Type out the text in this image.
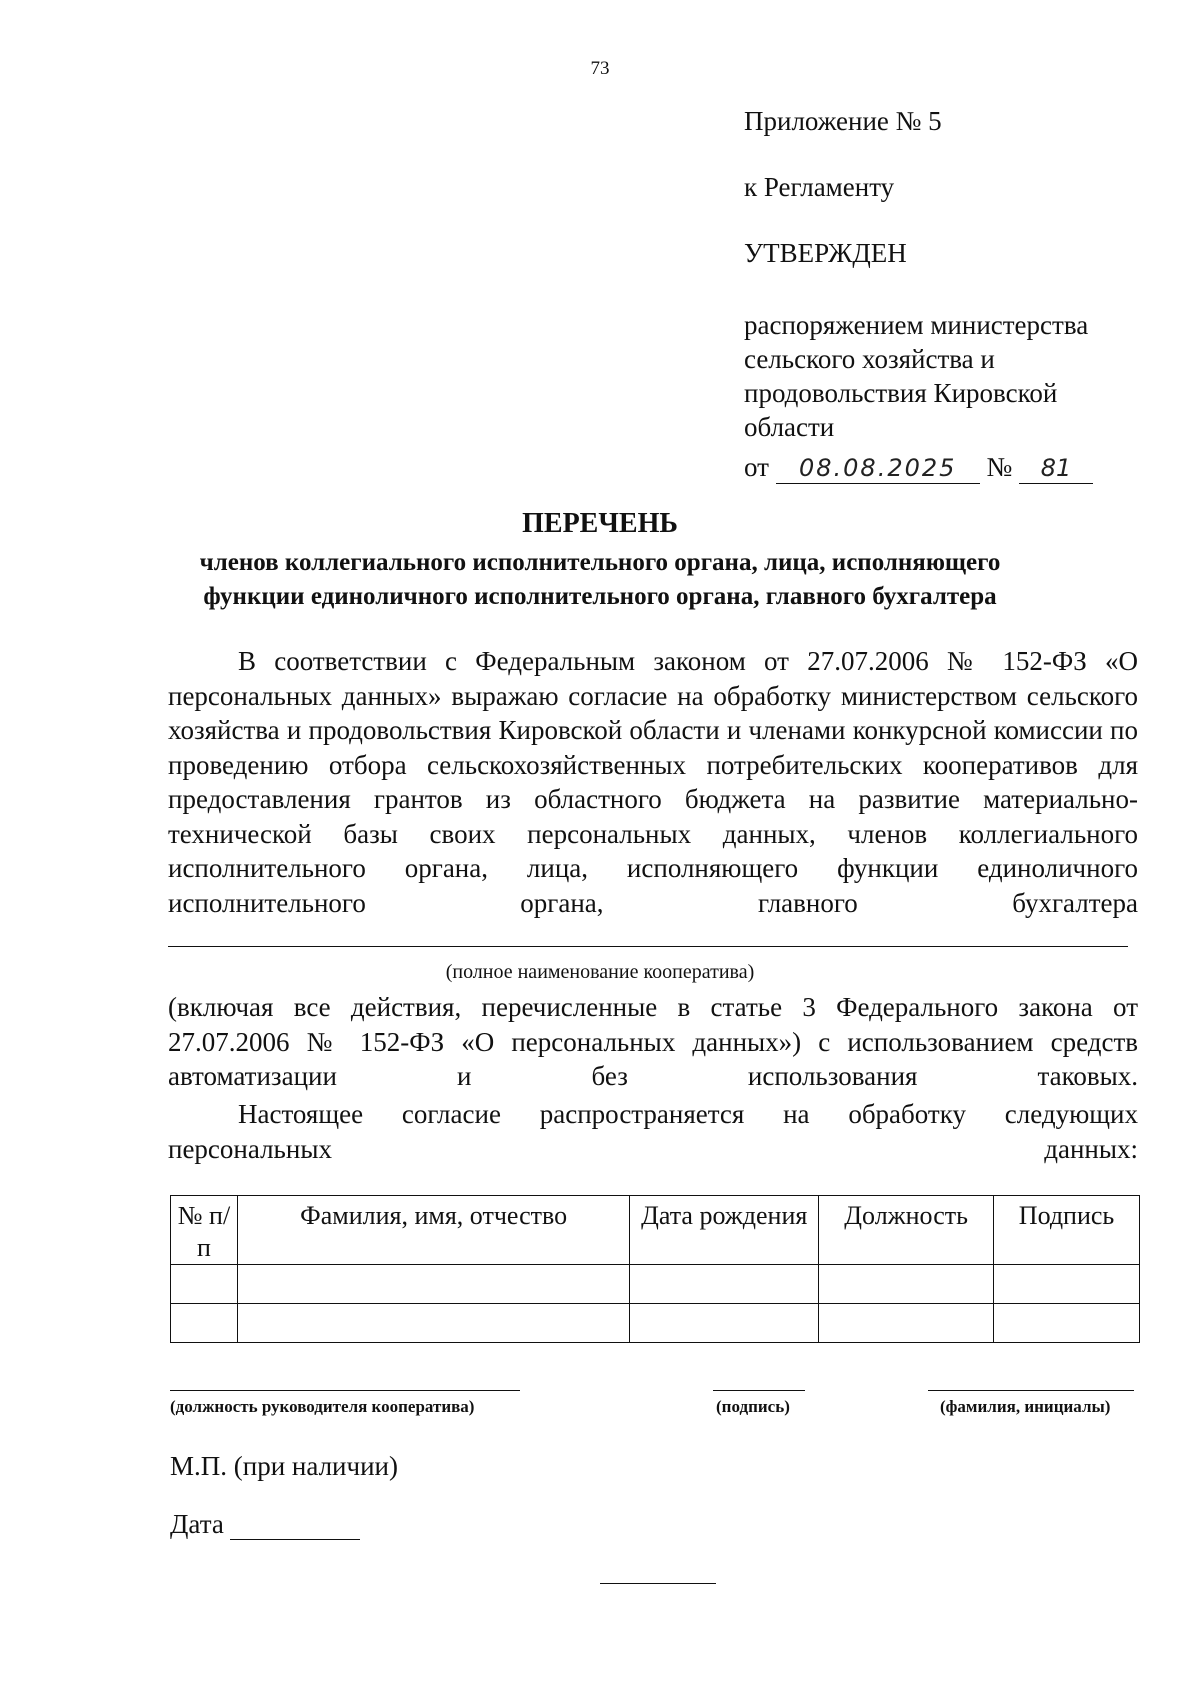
73
Приложение № 5
к Регламенту
УТВЕРЖДЕН
распоряжением министерства
сельского хозяйства и
продовольствия Кировской
области
от 08.08.2025 № 81
ПЕРЕЧЕНЬ
членов коллегиального исполнительного органа, лица, исполняющего функции единоличного исполнительного органа, главного бухгалтера
В соответствии с Федеральным законом от 27.07.2006 № 152-ФЗ «О персональных данных» выражаю согласие на обработку министерством сельского хозяйства и продовольствия Кировской области и членами конкурсной комиссии по проведению отбора сельскохозяйственных потребительских кооперативов для предоставления грантов из областного бюджета на развитие материально-технической базы своих персональных данных, членов коллегиального исполнительного органа, лица, исполняющего функции единоличного исполнительного органа, главного бухгалтера
(полное наименование кооператива)
(включая все действия, перечисленные в статье 3 Федерального закона от 27.07.2006 № 152-ФЗ «О персональных данных») с использованием средств автоматизации и без использования таковых.
Настоящее согласие распространяется на обработку следующих персональных данных:
№ п/п	Фамилия, имя, отчество	Дата рождения	Должность	Подпись

(должность руководителя кооператива)	(подпись)	(фамилия, инициалы)
М.П. (при наличии)
Дата
